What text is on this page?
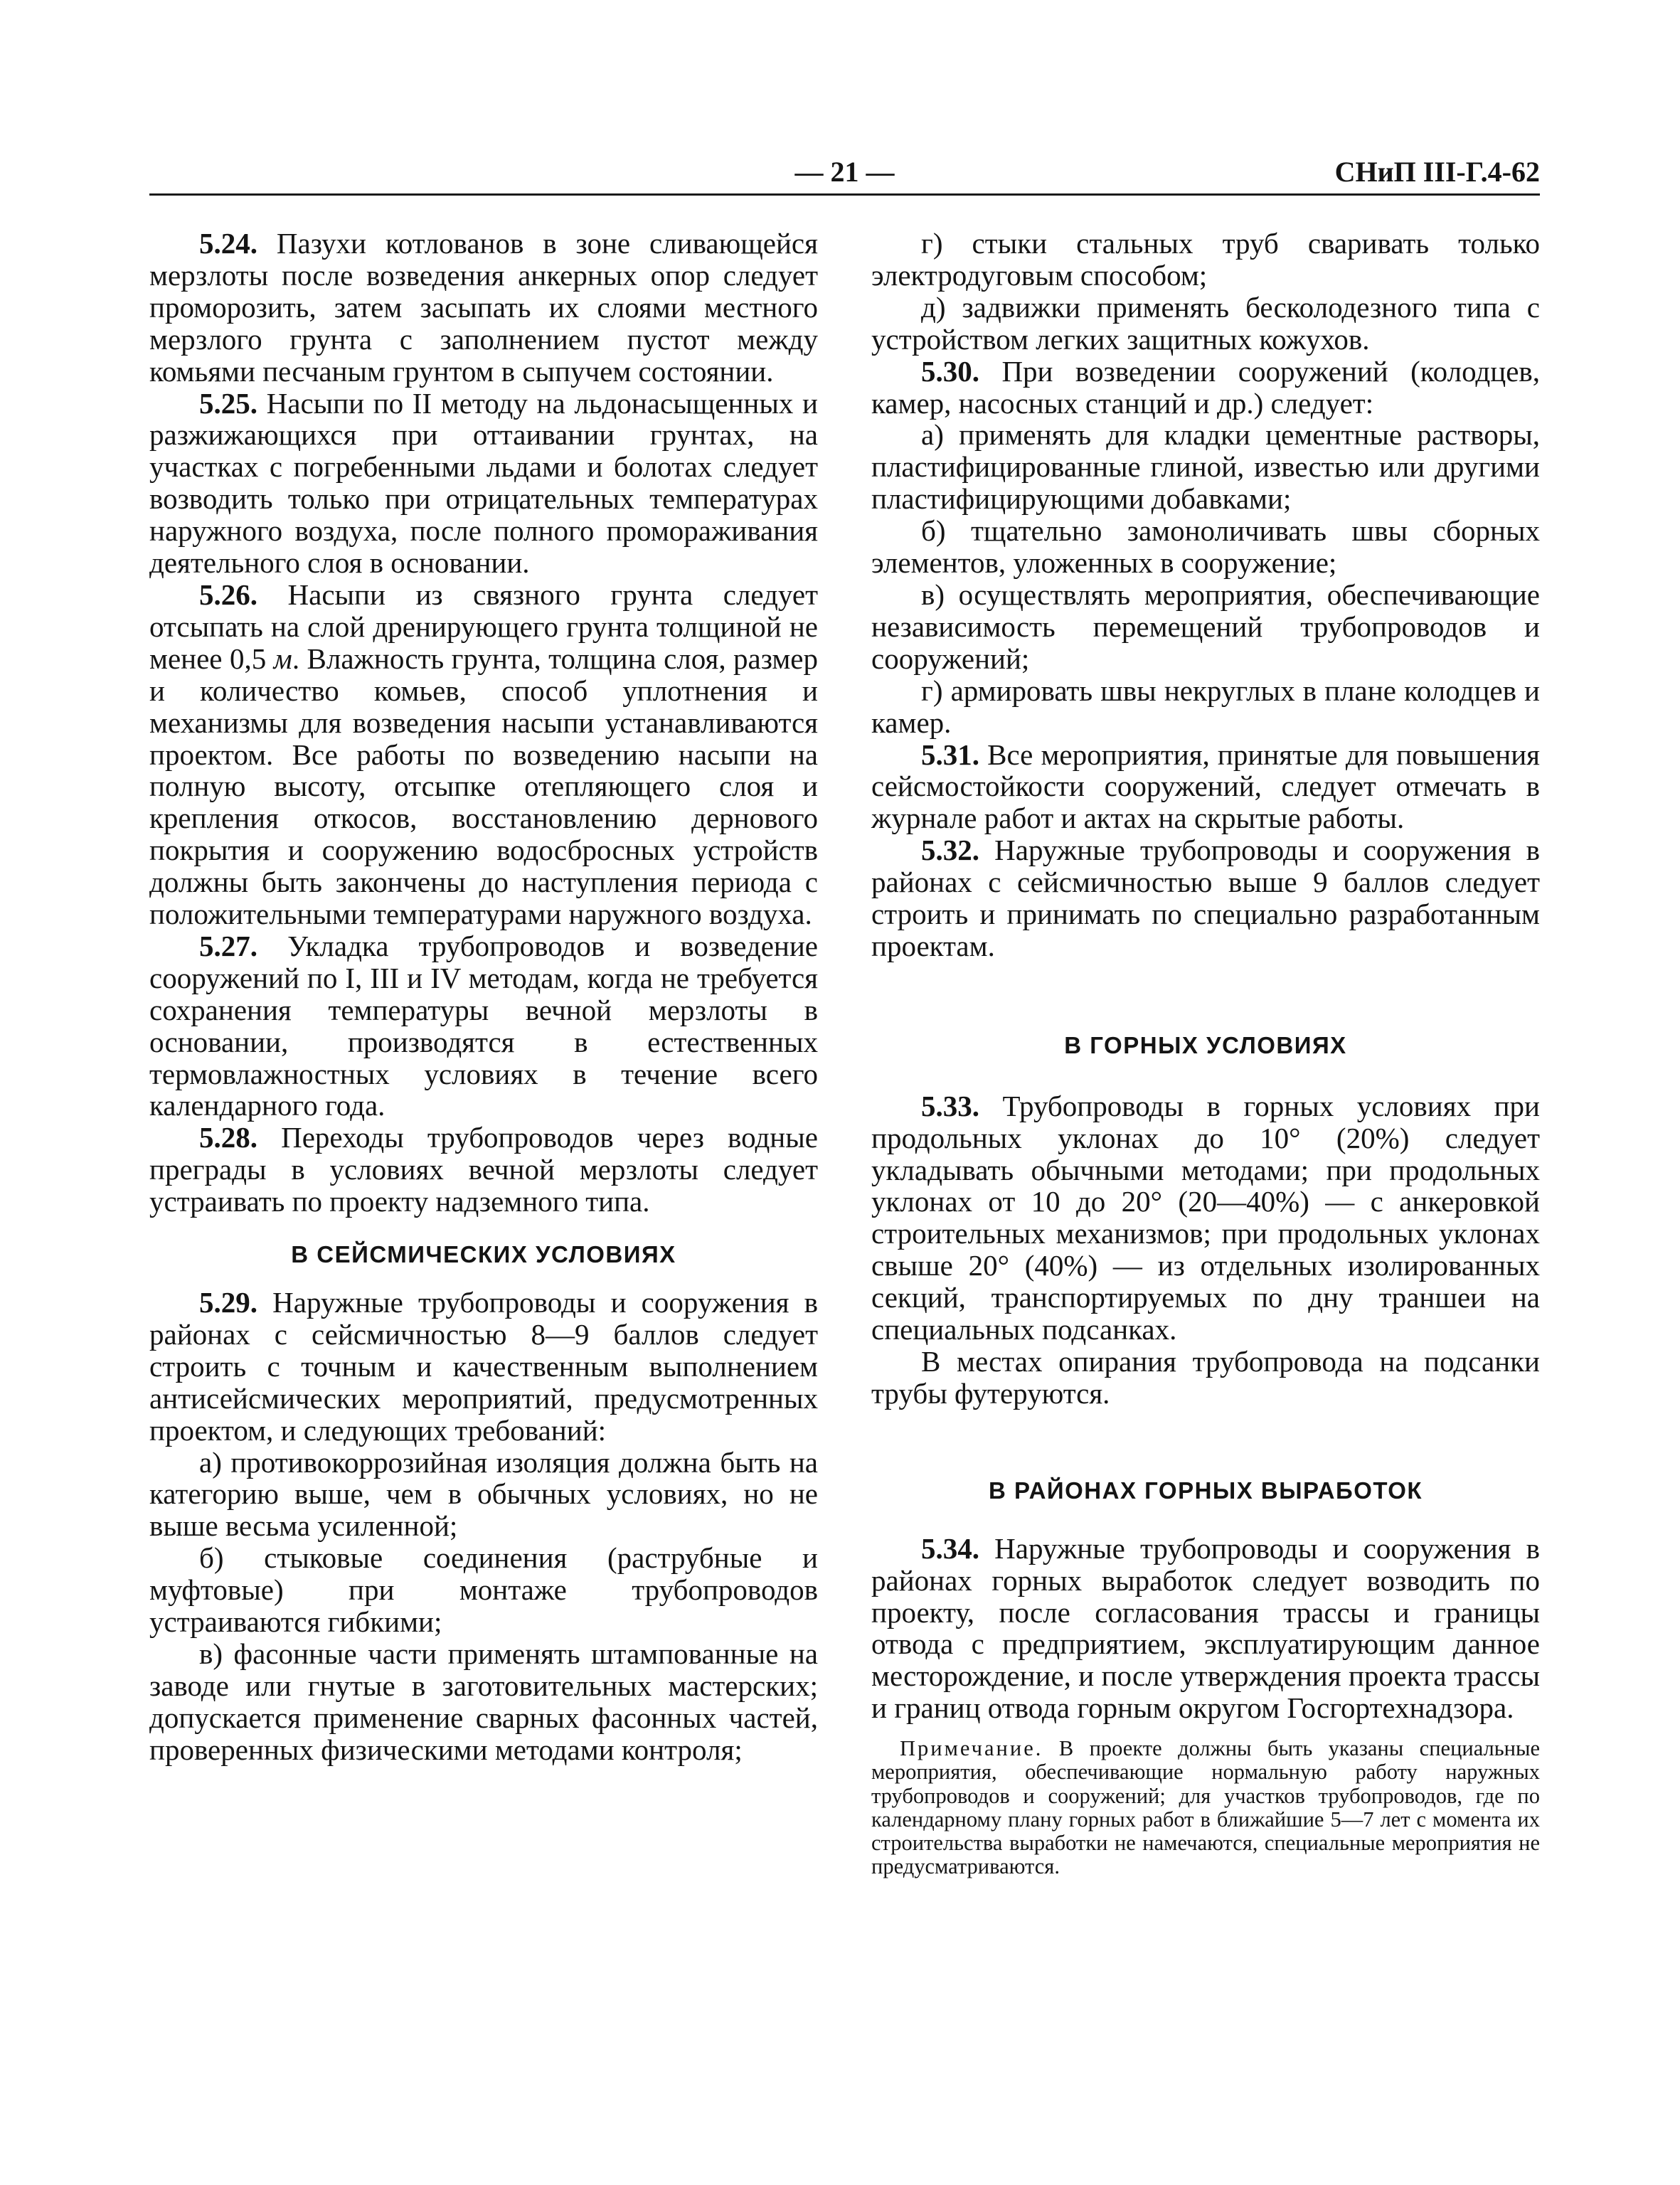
— 21 —	СНиП III-Г.4-62

5.24. Пазухи котлованов в зоне сливающейся мерзлоты после возведения анкерных опор следует проморозить, затем засыпать их слоями местного мерзлого грунта с заполнением пустот между комьями песчаным грунтом в сыпучем состоянии.

5.25. Насыпи по II методу на льдонасыщенных и разжижающихся при оттаивании грунтах, на участках с погребенными льдами и болотах следует возводить только при отрицательных температурах наружного воздуха, после полного промораживания деятельного слоя в основании.

5.26. Насыпи из связного грунта следует отсыпать на слой дренирующего грунта толщиной не менее 0,5 м. Влажность грунта, толщина слоя, размер и количество комьев, способ уплотнения и механизмы для возведения насыпи устанавливаются проектом. Все работы по возведению насыпи на полную высоту, отсыпке отепляющего слоя и крепления откосов, восстановлению дернового покрытия и сооружению водосбросных устройств должны быть закончены до наступления периода с положительными температурами наружного воздуха.

5.27. Укладка трубопроводов и возведение сооружений по I, III и IV методам, когда не требуется сохранения температуры вечной мерзлоты в основании, производятся в естественных термовлажностных условиях в течение всего календарного года.

5.28. Переходы трубопроводов через водные преграды в условиях вечной мерзлоты следует устраивать по проекту надземного типа.

В СЕЙСМИЧЕСКИХ УСЛОВИЯХ

5.29. Наружные трубопроводы и сооружения в районах с сейсмичностью 8—9 баллов следует строить с точным и качественным выполнением антисейсмических мероприятий, предусмотренных проектом, и следующих требований:

а) противокоррозийная изоляция должна быть на категорию выше, чем в обычных условиях, но не выше весьма усиленной;

б) стыковые соединения (раструбные и муфтовые) при монтаже трубопроводов устраиваются гибкими;

в) фасонные части применять штампованные на заводе или гнутые в заготовительных мастерских; допускается применение сварных фасонных частей, проверенных физическими методами контроля;

г) стыки стальных труб сваривать только электродуговым способом;

д) задвижки применять бесколодезного типа с устройством легких защитных кожухов.

5.30. При возведении сооружений (колодцев, камер, насосных станций и др.) следует:

а) применять для кладки цементные растворы, пластифицированные глиной, известью или другими пластифицирующими добавками;

б) тщательно замоноличивать швы сборных элементов, уложенных в сооружение;

в) осуществлять мероприятия, обеспечивающие независимость перемещений трубопроводов и сооружений;

г) армировать швы некруглых в плане колодцев и камер.

5.31. Все мероприятия, принятые для повышения сейсмостойкости сооружений, следует отмечать в журнале работ и актах на скрытые работы.

5.32. Наружные трубопроводы и сооружения в районах с сейсмичностью выше 9 баллов следует строить и принимать по специально разработанным проектам.

В ГОРНЫХ УСЛОВИЯХ

5.33. Трубопроводы в горных условиях при продольных уклонах до 10° (20%) следует укладывать обычными методами; при продольных уклонах от 10 до 20° (20—40%) — с анкеровкой строительных механизмов; при продольных уклонах свыше 20° (40%) — из отдельных изолированных секций, транспортируемых по дну траншеи на специальных подсанках.

В местах опирания трубопровода на подсанки трубы футеруются.

В РАЙОНАХ ГОРНЫХ ВЫРАБОТОК

5.34. Наружные трубопроводы и сооружения в районах горных выработок следует возводить по проекту, после согласования трассы и границы отвода с предприятием, эксплуатирующим данное месторождение, и после утверждения проекта трассы и границ отвода горным округом Госгортехнадзора.

Примечание. В проекте должны быть указаны специальные мероприятия, обеспечивающие нормальную работу наружных трубопроводов и сооружений; для участков трубопроводов, где по календарному плану горных работ в ближайшие 5—7 лет с момента их строительства выработки не намечаются, специальные мероприятия не предусматриваются.
